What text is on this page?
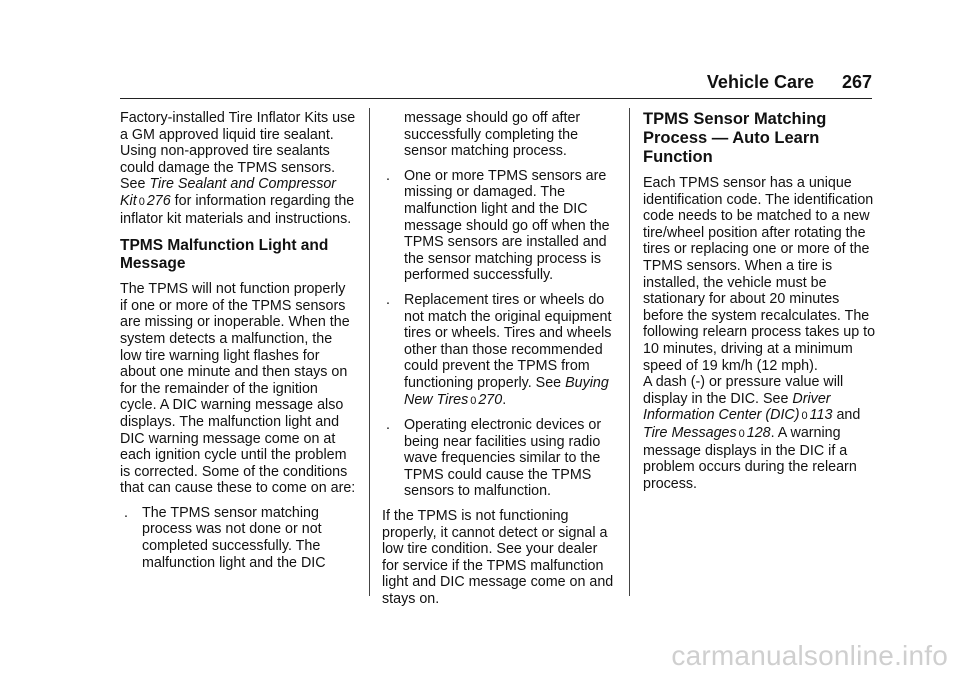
Vehicle Care 267

Factory-installed Tire Inflator Kits use a GM approved liquid tire sealant. Using non-approved tire sealants could damage the TPMS sensors. See Tire Sealant and Compressor Kit 0 276 for information regarding the inflator kit materials and instructions.

TPMS Malfunction Light and Message

The TPMS will not function properly if one or more of the TPMS sensors are missing or inoperable. When the system detects a malfunction, the low tire warning light flashes for about one minute and then stays on for the remainder of the ignition cycle. A DIC warning message also displays. The malfunction light and DIC warning message come on at each ignition cycle until the problem is corrected. Some of the conditions that can cause these to come on are:

. The TPMS sensor matching process was not done or not completed successfully. The malfunction light and the DIC
message should go off after successfully completing the sensor matching process.
. One or more TPMS sensors are missing or damaged. The malfunction light and the DIC message should go off when the TPMS sensors are installed and the sensor matching process is performed successfully.
. Replacement tires or wheels do not match the original equipment tires or wheels. Tires and wheels other than those recommended could prevent the TPMS from functioning properly. See Buying New Tires 0 270.
. Operating electronic devices or being near facilities using radio wave frequencies similar to the TPMS could cause the TPMS sensors to malfunction.

If the TPMS is not functioning properly, it cannot detect or signal a low tire condition. See your dealer for service if the TPMS malfunction light and DIC message come on and stays on.

TPMS Sensor Matching Process — Auto Learn Function

Each TPMS sensor has a unique identification code. The identification code needs to be matched to a new tire/wheel position after rotating the tires or replacing one or more of the TPMS sensors. When a tire is installed, the vehicle must be stationary for about 20 minutes before the system recalculates. The following relearn process takes up to 10 minutes, driving at a minimum speed of 19 km/h (12 mph).

A dash (-) or pressure value will display in the DIC. See Driver Information Center (DIC) 0 113 and Tire Messages 0 128. A warning message displays in the DIC if a problem occurs during the relearn process.

carmanualsonline.info
